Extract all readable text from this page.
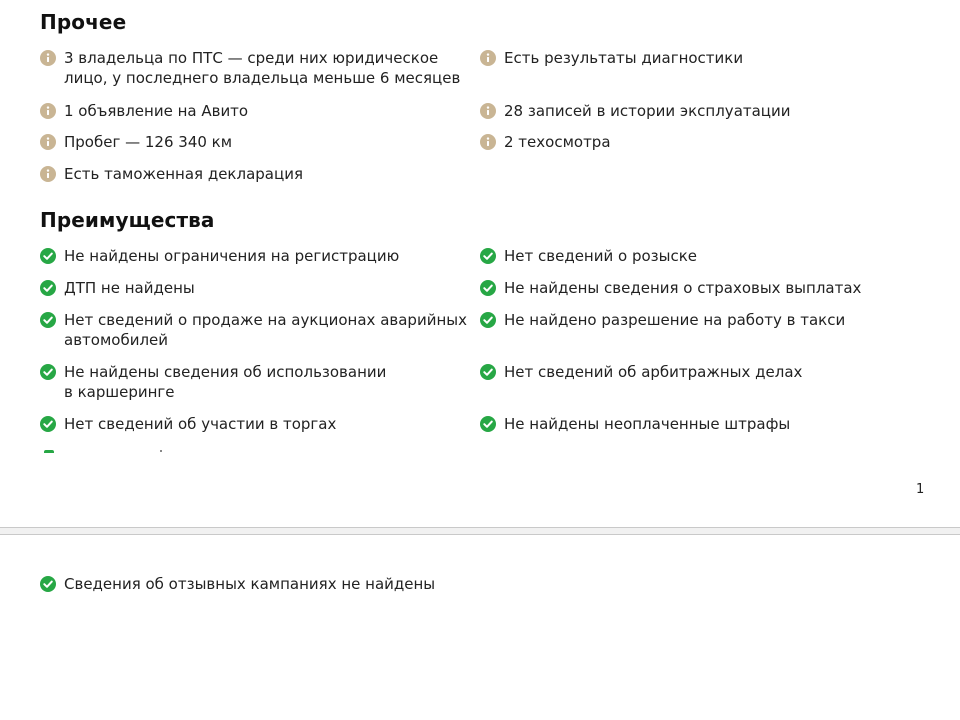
Прочее
3 владельца по ПТС — среди них юридическое
лицо, у последнего владельца меньше 6 месяцев
Есть результаты диагностики
1 объявление на Авито	28 записей в истории эксплуатации
Пробег — 126 340 км	2 техосмотра
Есть таможенная декларация
Преимущества
Не найдены ограничения на регистрацию	Нет сведений о розыске
ДТП не найдены	Не найдены сведения о страховых выплатах
Нет сведений о продаже на аукционах аварийных
автомобилей
Не найдено разрешение на работу в такси
Не найдены сведения об использовании
в каршеринге
Нет сведений об арбитражных делах
Нет сведений об участии в торгах	Не найдены неоплаченные штрафы
1
Сведения об отзывных кампаниях не найдены
